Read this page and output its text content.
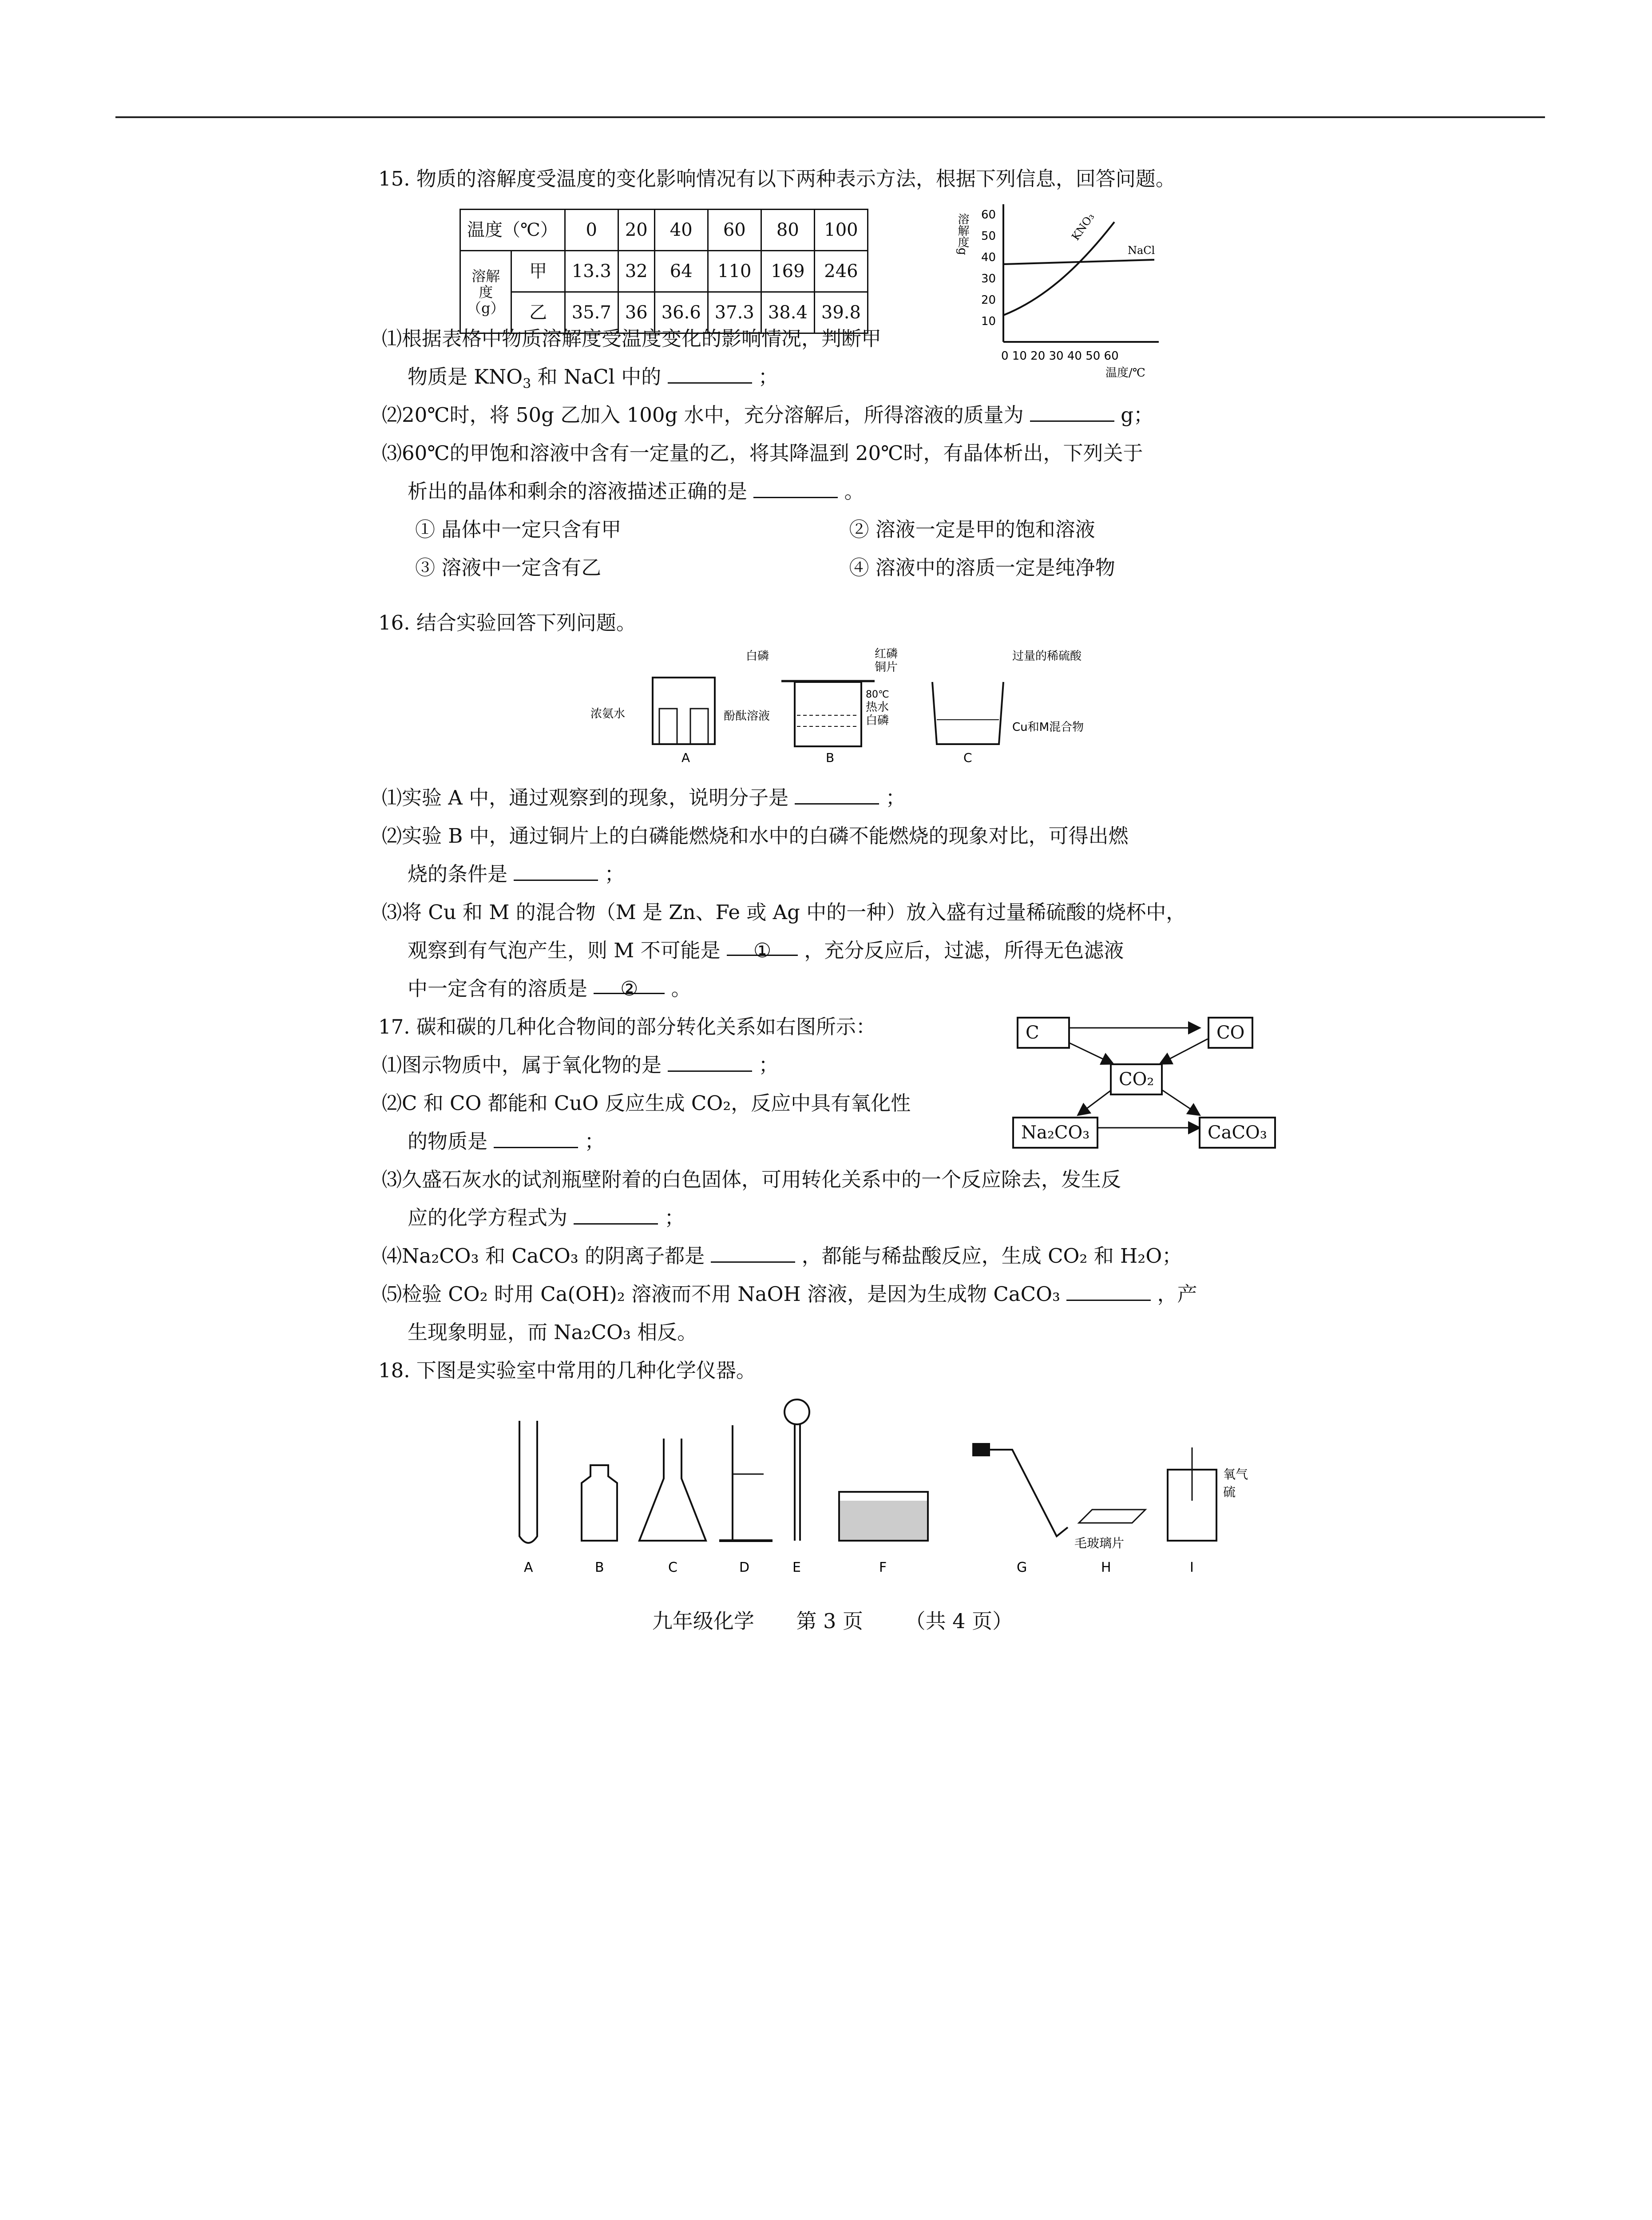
15. 物质的溶解度受温度的变化影响情况有以下两种表示方法，根据下列信息，回答问题。
温度（℃）		0	20	40	60	80	100
溶解度（g）	甲	13.3	32	64	110	169	246
	乙	35.7	36	36.6	37.3	38.4	39.8
溶解度g 60
50
40
30
20
10
KNO₃
NaCl
0 10 20 30 40 50 60
温度/℃
⑴根据表格中物质溶解度受温度变化的影响情况，判断甲
物质是 $KNO_3$ 和 NaCl 中的	；
⑵20℃时，将 50g 乙加入 100g 水中，充分溶解后，所得溶液的质量为	g；
⑶60℃的甲饱和溶液中含有一定量的乙，将其降温到 20℃时，有晶体析出，下列关于
析出的晶体和剩余的溶液描述正确的是	。
① 晶体中一定只含有甲	② 溶液一定是甲的饱和溶液
③ 溶液中一定含有乙	④ 溶液中的溶质一定是纯净物
16. 结合实验回答下列问题。
浓氨水	酚酞溶液
A
白磷	红磷
铜片
80℃
热水
白磷
B
过量的稀硫酸
Cu和M混合物
C
⑴实验 A 中，通过观察到的现象，说明分子是	；
⑵实验 B 中，通过铜片上的白磷能燃烧和水中的白磷不能燃烧的现象对比，可得出燃
烧的条件是	；
⑶将 Cu 和 M 的混合物（M 是 Zn、Fe 或 Ag 中的一种）放入盛有过量稀硫酸的烧杯中，
观察到有气泡产生，则 M 不可能是 ① ，充分反应后，过滤，所得无色滤液
中一定含有的溶质是 ② 。
17. 碳和碳的几种化合物间的部分转化关系如右图所示：	C	CO
CO₂
Na₂CO₃	CaCO₃
⑴图示物质中，属于氧化物的是	；
⑵C 和 CO 都能和 CuO 反应生成 CO₂，反应中具有氧化性
的物质是	；
⑶久盛石灰水的试剂瓶壁附着的白色固体，可用转化关系中的一个反应除去，发生反
应的化学方程式为	；
⑷Na₂CO₃ 和 CaCO₃ 的阴离子都是	，都能与稀盐酸反应，生成 CO₂ 和 H₂O；
⑸检验 CO₂ 时用 Ca(OH)₂ 溶液而不用 NaOH 溶液，是因为生成物 CaCO₃	，产
生现象明显，而 Na₂CO₃ 相反。
18. 下图是实验室中常用的几种化学仪器。
毛玻璃片
氧气
硫
A	B	C	D	E	F	G	H	I
九年级化学 第 3 页 （共 4 页）
